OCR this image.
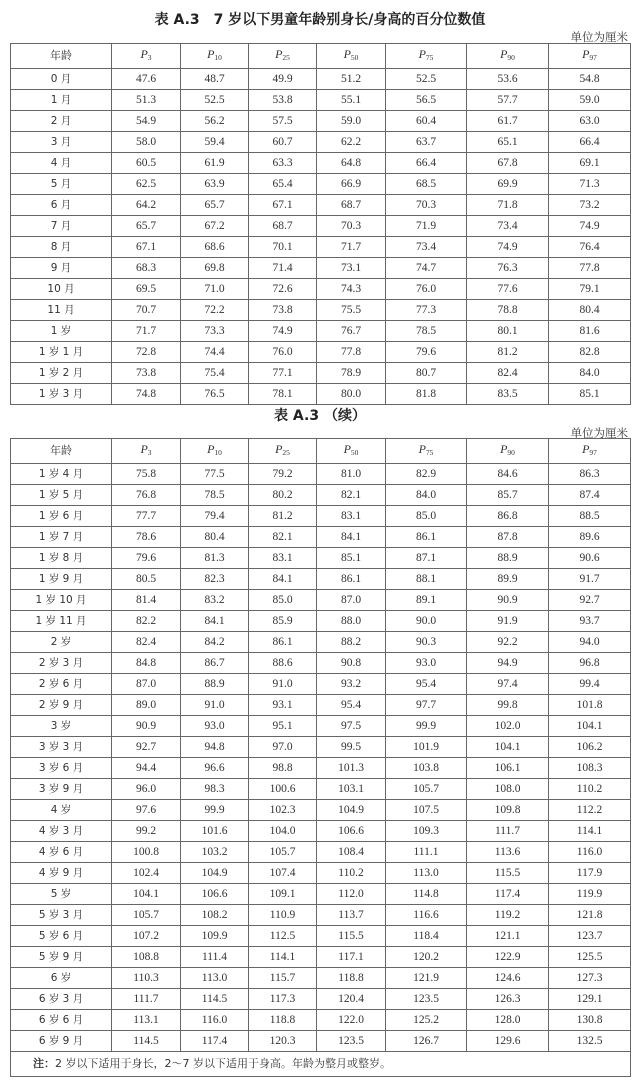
表 A.3　7 岁以下男童年龄别身长/身高的百分位数值
单位为厘米
年龄	$P_3$	$P_{10}$	$P_{25}$	$P_{50}$	$P_{75}$	$P_{90}$	$P_{97}$
0 月	47.6	48.7	49.9	51.2	52.5	53.6	54.8
1 月	51.3	52.5	53.8	55.1	56.5	57.7	59.0
2 月	54.9	56.2	57.5	59.0	60.4	61.7	63.0
3 月	58.0	59.4	60.7	62.2	63.7	65.1	66.4
4 月	60.5	61.9	63.3	64.8	66.4	67.8	69.1
5 月	62.5	63.9	65.4	66.9	68.5	69.9	71.3
6 月	64.2	65.7	67.1	68.7	70.3	71.8	73.2
7 月	65.7	67.2	68.7	70.3	71.9	73.4	74.9
8 月	67.1	68.6	70.1	71.7	73.4	74.9	76.4
9 月	68.3	69.8	71.4	73.1	74.7	76.3	77.8
10 月	69.5	71.0	72.6	74.3	76.0	77.6	79.1
11 月	70.7	72.2	73.8	75.5	77.3	78.8	80.4
1 岁	71.7	73.3	74.9	76.7	78.5	80.1	81.6
1 岁 1 月	72.8	74.4	76.0	77.8	79.6	81.2	82.8
1 岁 2 月	73.8	75.4	77.1	78.9	80.7	82.4	84.0
1 岁 3 月	74.8	76.5	78.1	80.0	81.8	83.5	85.1
表 A.3 （续）
单位为厘米
年龄	$P_3$	$P_{10}$	$P_{25}$	$P_{50}$	$P_{75}$	$P_{90}$	$P_{97}$
1 岁 4 月	75.8	77.5	79.2	81.0	82.9	84.6	86.3
1 岁 5 月	76.8	78.5	80.2	82.1	84.0	85.7	87.4
1 岁 6 月	77.7	79.4	81.2	83.1	85.0	86.8	88.5
1 岁 7 月	78.6	80.4	82.1	84.1	86.1	87.8	89.6
1 岁 8 月	79.6	81.3	83.1	85.1	87.1	88.9	90.6
1 岁 9 月	80.5	82.3	84.1	86.1	88.1	89.9	91.7
1 岁 10 月	81.4	83.2	85.0	87.0	89.1	90.9	92.7
1 岁 11 月	82.2	84.1	85.9	88.0	90.0	91.9	93.7
2 岁	82.4	84.2	86.1	88.2	90.3	92.2	94.0
2 岁 3 月	84.8	86.7	88.6	90.8	93.0	94.9	96.8
2 岁 6 月	87.0	88.9	91.0	93.2	95.4	97.4	99.4
2 岁 9 月	89.0	91.0	93.1	95.4	97.7	99.8	101.8
3 岁	90.9	93.0	95.1	97.5	99.9	102.0	104.1
3 岁 3 月	92.7	94.8	97.0	99.5	101.9	104.1	106.2
3 岁 6 月	94.4	96.6	98.8	101.3	103.8	106.1	108.3
3 岁 9 月	96.0	98.3	100.6	103.1	105.7	108.0	110.2
4 岁	97.6	99.9	102.3	104.9	107.5	109.8	112.2
4 岁 3 月	99.2	101.6	104.0	106.6	109.3	111.7	114.1
4 岁 6 月	100.8	103.2	105.7	108.4	111.1	113.6	116.0
4 岁 9 月	102.4	104.9	107.4	110.2	113.0	115.5	117.9
5 岁	104.1	106.6	109.1	112.0	114.8	117.4	119.9
5 岁 3 月	105.7	108.2	110.9	113.7	116.6	119.2	121.8
5 岁 6 月	107.2	109.9	112.5	115.5	118.4	121.1	123.7
5 岁 9 月	108.8	111.4	114.1	117.1	120.2	122.9	125.5
6 岁	110.3	113.0	115.7	118.8	121.9	124.6	127.3
6 岁 3 月	111.7	114.5	117.3	120.4	123.5	126.3	129.1
6 岁 6 月	113.1	116.0	118.8	122.0	125.2	128.0	130.8
6 岁 9 月	114.5	117.4	120.3	123.5	126.7	129.6	132.5
注：2 岁以下适用于身长，2〜7 岁以下适用于身高。年龄为整月或整岁。							
